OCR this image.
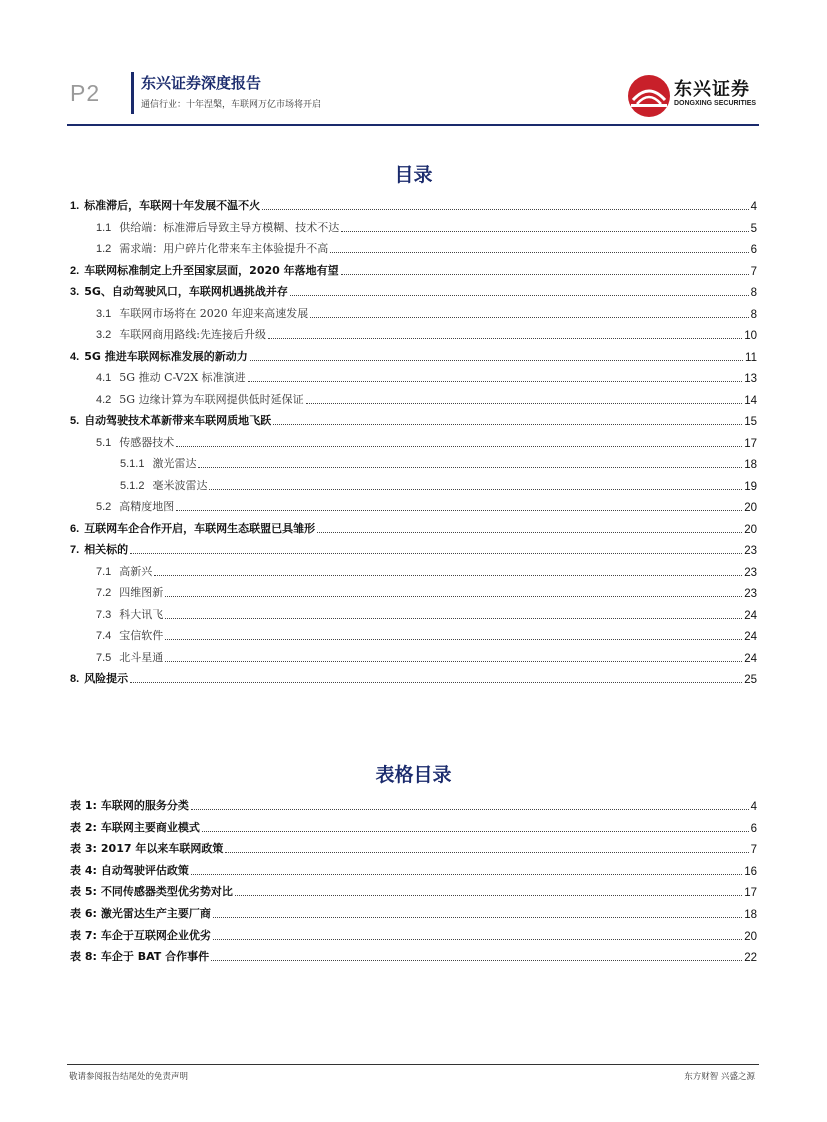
P2	东兴证券深度报告
通信行业：十年涅槃，车联网万亿市场将开启
东兴证券
DONGXING SECURITIES
目录
1. 标准滞后，车联网十年发展不温不火	4
1.1 供给端：标准滞后导致主导方模糊、技术不达	5
1.2 需求端：用户碎片化带来车主体验提升不高	6
2. 车联网标准制定上升至国家层面，2020 年落地有望	7
3. 5G、自动驾驶风口，车联网机遇挑战并存	8
3.1 车联网市场将在 2020 年迎来高速发展	8
3.2 车联网商用路线:先连接后升级	10
4. 5G 推进车联网标准发展的新动力	11
4.1 5G 推动 C-V2X 标准演进	13
4.2 5G 边缘计算为车联网提供低时延保证	14
5. 自动驾驶技术革新带来车联网质地飞跃	15
5.1 传感器技术	17
5.1.1 激光雷达	18
5.1.2 毫米波雷达	19
5.2 高精度地图	20
6. 互联网车企合作开启，车联网生态联盟已具雏形	20
7. 相关标的	23
7.1 高新兴	23
7.2 四维图新	23
7.3 科大讯飞	24
7.4 宝信软件	24
7.5 北斗星通	24
8. 风险提示	25
表格目录
表 1: 车联网的服务分类	4
表 2: 车联网主要商业模式	6
表 3: 2017 年以来车联网政策	7
表 4: 自动驾驶评估政策	16
表 5: 不同传感器类型优劣势对比	17
表 6: 激光雷达生产主要厂商	18
表 7: 车企于互联网企业优劣	20
表 8: 车企于 BAT 合作事件	22
敬请参阅报告结尾处的免责声明	东方财智 兴盛之源
